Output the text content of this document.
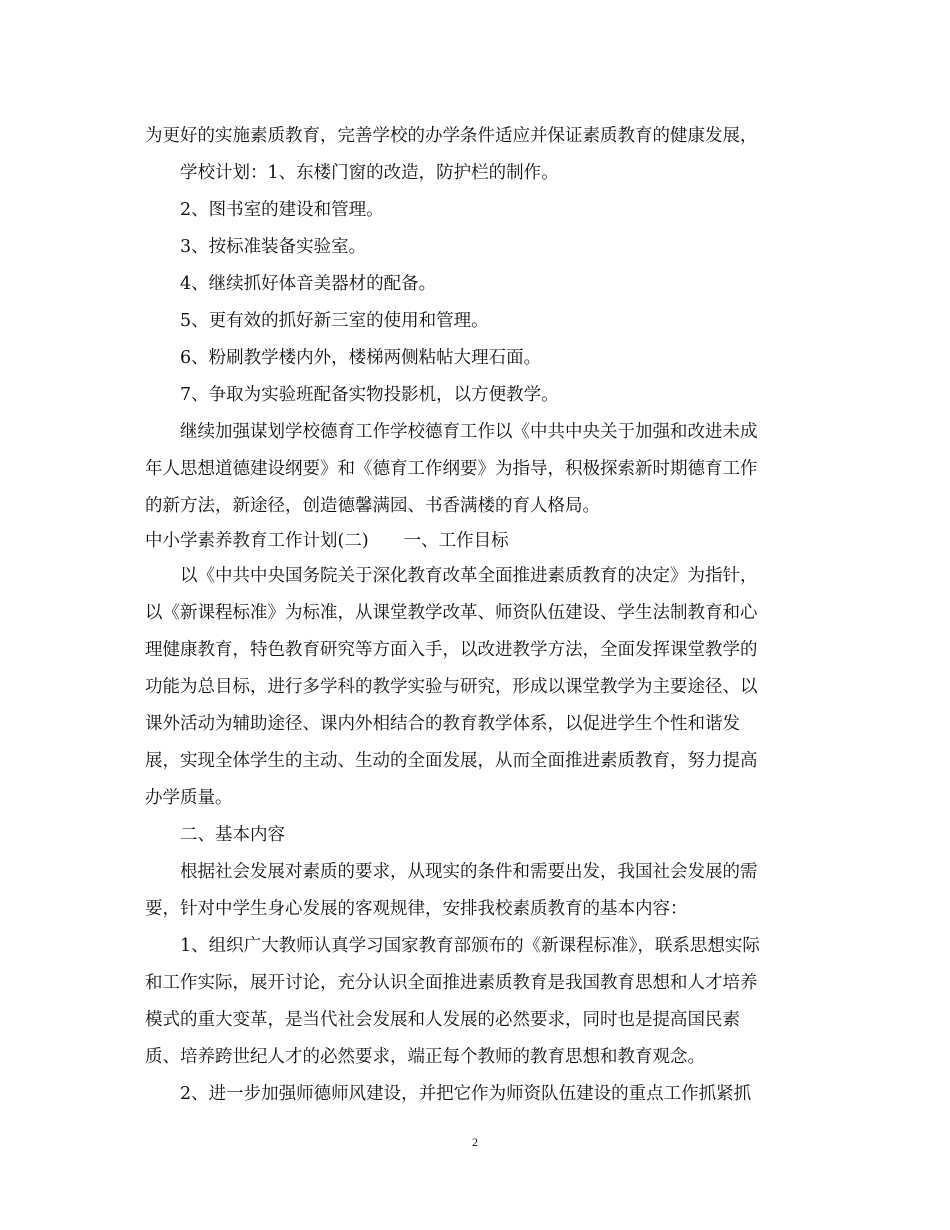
为更好的实施素质教育，完善学校的办学条件适应并保证素质教育的健康发展，
学校计划：1、东楼门窗的改造，防护栏的制作。
2、图书室的建设和管理。
3、按标准装备实验室。
4、继续抓好体音美器材的配备。
5、更有效的抓好新三室的使用和管理。
6、粉刷教学楼内外，楼梯两侧粘帖大理石面。
7、争取为实验班配备实物投影机，以方便教学。
继续加强谋划学校德育工作学校德育工作以《中共中央关于加强和改进未成
年人思想道德建设纲要》和《德育工作纲要》为指导，积极探索新时期德育工作
的新方法，新途径，创造德馨满园、书香满楼的育人格局。
中小学素养教育工作计划(二)　　一、工作目标
以《中共中央国务院关于深化教育改革全面推进素质教育的决定》为指针，
以《新课程标准》为标准，从课堂教学改革、师资队伍建设、学生法制教育和心
理健康教育，特色教育研究等方面入手，以改进教学方法，全面发挥课堂教学的
功能为总目标，进行多学科的教学实验与研究，形成以课堂教学为主要途径、以
课外活动为辅助途径、课内外相结合的教育教学体系，以促进学生个性和谐发
展，实现全体学生的主动、生动的全面发展，从而全面推进素质教育，努力提高
办学质量。
二、基本内容
根据社会发展对素质的要求，从现实的条件和需要出发，我国社会发展的需
要，针对中学生身心发展的客观规律，安排我校素质教育的基本内容：
1、组织广大教师认真学习国家教育部颁布的《新课程标准》，联系思想实际
和工作实际，展开讨论，充分认识全面推进素质教育是我国教育思想和人才培养
模式的重大变革，是当代社会发展和人发展的必然要求，同时也是提高国民素
质、培养跨世纪人才的必然要求，端正每个教师的教育思想和教育观念。
2、进一步加强师德师风建设，并把它作为师资队伍建设的重点工作抓紧抓
2
